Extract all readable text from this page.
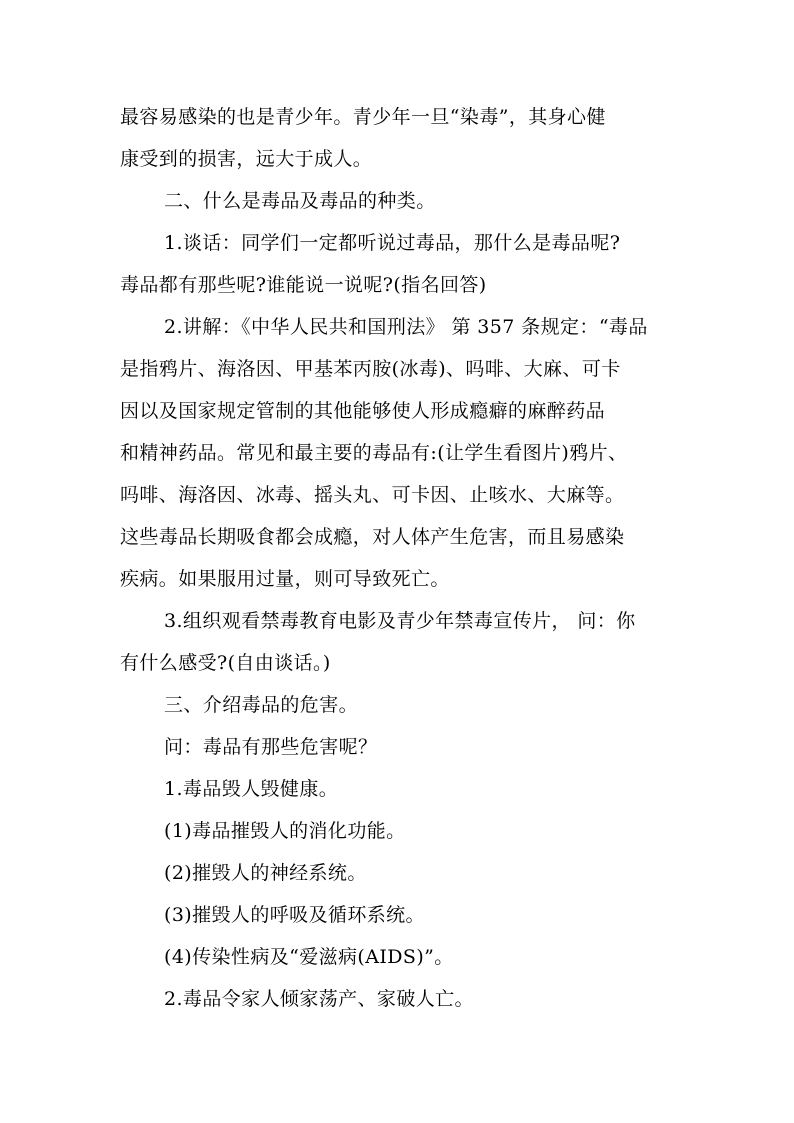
最容易感染的也是青少年。青少年一旦“染毒”，其身心健
康受到的损害，远大于成人。
二、什么是毒品及毒品的种类。
1.谈话：同学们一定都听说过毒品，那什么是毒品呢?
毒品都有那些呢?谁能说一说呢?(指名回答)
2.讲解：《中华人民共和国刑法》 第 357 条规定：“毒品
是指鸦片、海洛因、甲基苯丙胺(冰毒)、吗啡、大麻、可卡
因以及国家规定管制的其他能够使人形成瘾癖的麻醉药品
和精神药品。常见和最主要的毒品有:(让学生看图片)鸦片、
吗啡、海洛因、冰毒、摇头丸、可卡因、止咳水、大麻等。
这些毒品长期吸食都会成瘾，对人体产生危害，而且易感染
疾病。如果服用过量，则可导致死亡。
3.组织观看禁毒教育电影及青少年禁毒宣传片， 问：你
有什么感受?(自由谈话。)
三、介绍毒品的危害。
问：毒品有那些危害呢？
1.毒品毁人毁健康。
(1)毒品摧毁人的消化功能。
(2)摧毁人的神经系统。
(3)摧毁人的呼吸及循环系统。
(4)传染性病及“爱滋病(AIDS)”。
2.毒品令家人倾家荡产、家破人亡。
